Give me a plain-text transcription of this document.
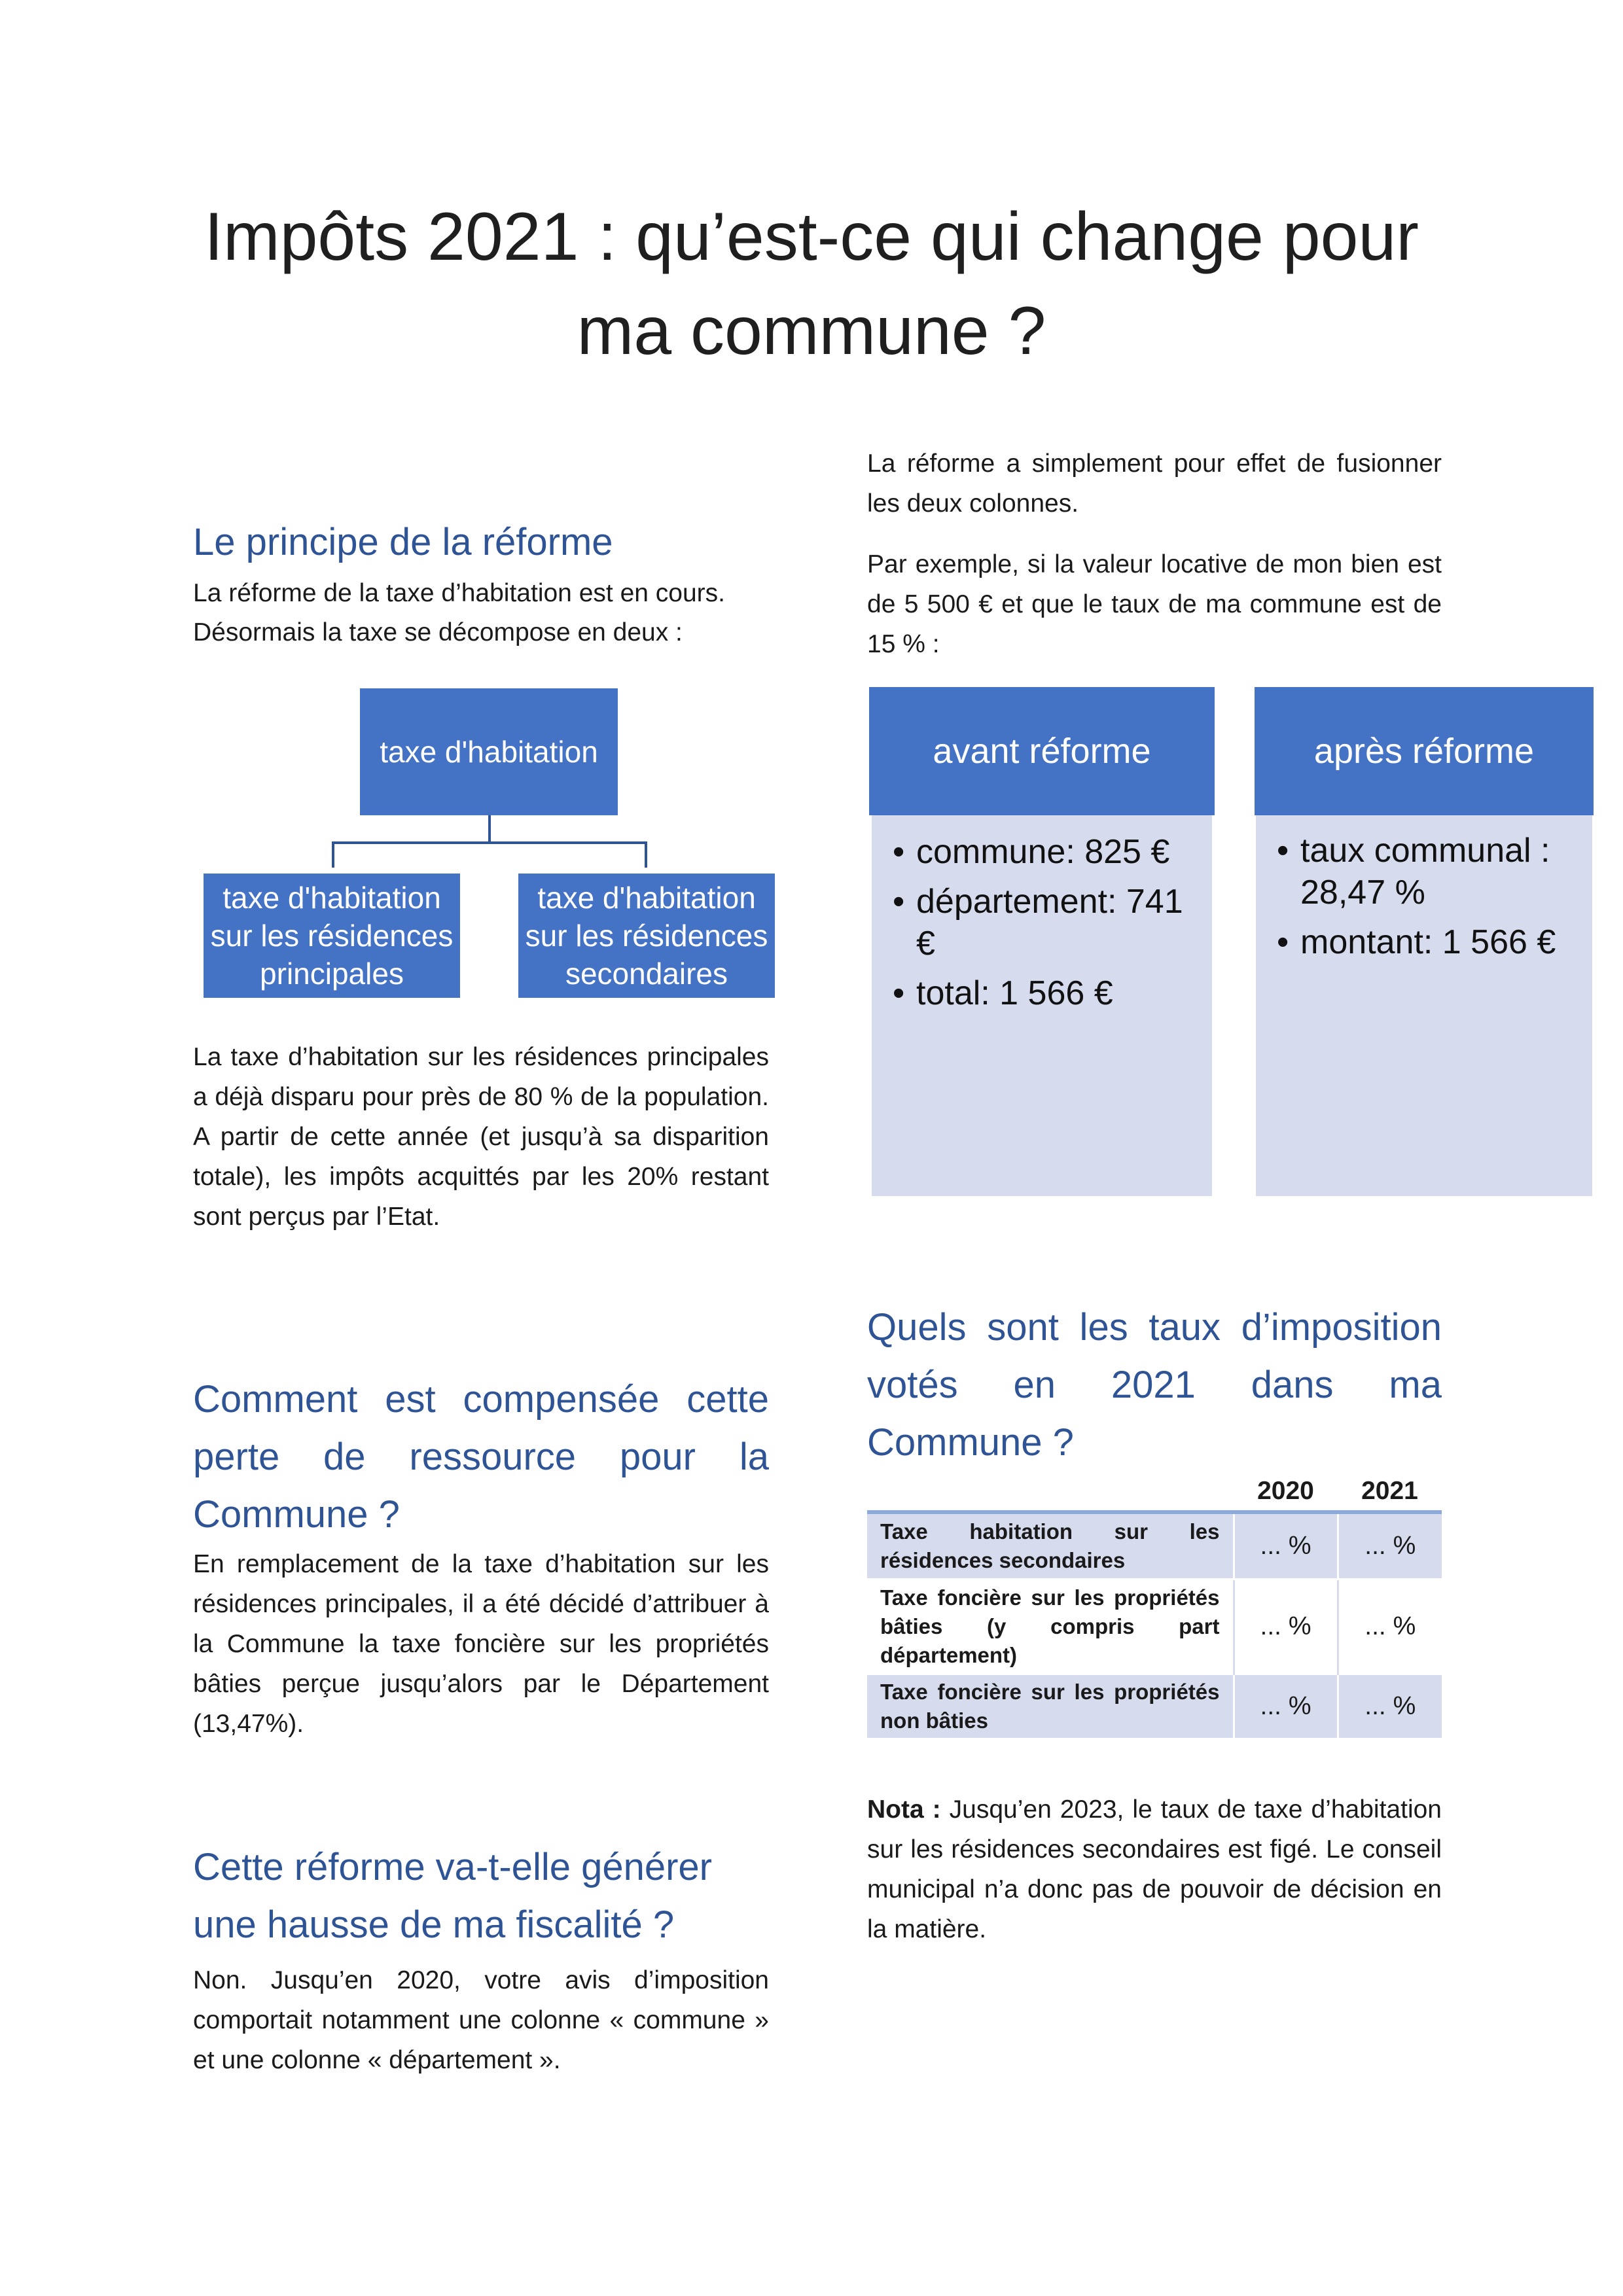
Impôts 2021 : qu’est-ce qui change pour
ma commune ?
Le principe de la réforme
La réforme de la taxe d’habitation est en cours.
Désormais la taxe se décompose en deux :
taxe d'habitation
taxe d'habitation sur les résidences principales
taxe d'habitation sur les résidences secondaires
La taxe d’habitation sur les résidences principales a déjà disparu pour près de 80 % de la population. A partir de cette année (et jusqu’à sa disparition totale), les impôts acquittés par les 20% restant sont perçus par l’Etat.
Comment est compensée cette perte de ressource pour la Commune ?
En remplacement de la taxe d’habitation sur les résidences principales, il a été décidé d’attribuer à la Commune la taxe foncière sur les propriétés bâties perçue jusqu’alors par le Département (13,47%).
Cette réforme va-t-elle générer une hausse de ma fiscalité ?
Non. Jusqu’en 2020, votre avis d’imposition comportait notamment une colonne « commune » et une colonne « département ».
La réforme a simplement pour effet de fusionner les deux colonnes.
Par exemple, si la valeur locative de mon bien est de 5 500 € et que le taux de ma commune est de 15 % :
avant réforme
• commune: 825 €
• département: 741 €
• total: 1 566 €
après réforme
• taux communal : 28,47 %
• montant: 1 566 €
Quels sont les taux d’imposition votés en 2021 dans ma Commune ?
	2020	2021
Taxe habitation sur les résidences secondaires	... %	... %
Taxe foncière sur les propriétés bâties (y compris part département)	... %	... %
Taxe foncière sur les propriétés non bâties	... %	... %
Nota : Jusqu’en 2023, le taux de taxe d’habitation sur les résidences secondaires est figé. Le conseil municipal n’a donc pas de pouvoir de décision en la matière.
